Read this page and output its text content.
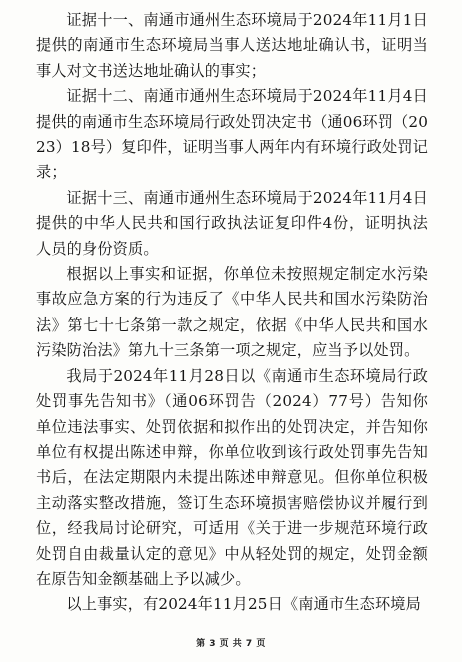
证据十一、南通市通州生态环境局于2024年11月1日提供的南通市生态环境局当事人送达地址确认书，证明当事人对文书送达地址确认的事实；

证据十二、南通市通州生态环境局于2024年11月4日提供的南通市生态环境局行政处罚决定书（通06环罚（2023）18号）复印件，证明当事人两年内有环境行政处罚记录；

证据十三、南通市通州生态环境局于2024年11月4日提供的中华人民共和国行政执法证复印件4份，证明执法人员的身份资质。

根据以上事实和证据，你单位未按照规定制定水污染事故应急方案的行为违反了《中华人民共和国水污染防治法》第七十七条第一款之规定，依据《中华人民共和国水污染防治法》第九十三条第一项之规定，应当予以处罚。

我局于2024年11月28日以《南通市生态环境局行政处罚事先告知书》（通06环罚告（2024）77号）告知你单位违法事实、处罚依据和拟作出的处罚决定，并告知你单位有权提出陈述申辩，你单位收到该行政处罚事先告知书后，在法定期限内未提出陈述申辩意见。但你单位积极主动落实整改措施，签订生态环境损害赔偿协议并履行到位，经我局讨论研究，可适用《关于进一步规范环境行政处罚自由裁量认定的意见》中从轻处罚的规定，处罚金额在原告知金额基础上予以减少。

以上事实，有2024年11月25日《南通市生态环境局

第 3 页 共 7 页
